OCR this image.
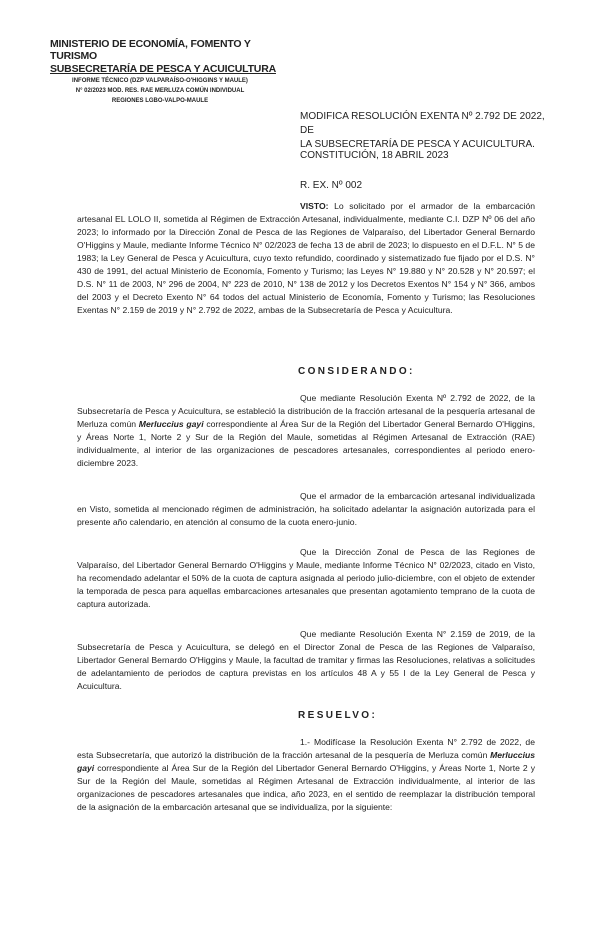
MINISTERIO DE ECONOMÍA, FOMENTO Y TURISMO
SUBSECRETARÍA DE PESCA Y ACUICULTURA
INFORME TÉCNICO (DZP VALPARAÍSO-O'HIGGINS Y MAULE)
N° 02/2023 MOD. RES. RAE MERLUZA COMÚN INDIVIDUAL
REGIONES LGBO-VALPO-MAULE
MODIFICA RESOLUCIÓN EXENTA Nº 2.792 DE 2022, DE
LA SUBSECRETARÍA DE PESCA Y ACUICULTURA.
CONSTITUCIÓN, 18 ABRIL 2023
R. EX. Nº 002
VISTO: Lo solicitado por el armador de la embarcación artesanal EL LOLO II, sometida al Régimen de Extracción Artesanal, individualmente, mediante C.I. DZP Nº 06 del año 2023; lo informado por la Dirección Zonal de Pesca de las Regiones de Valparaíso, del Libertador General Bernardo O'Higgins y Maule, mediante Informe Técnico N° 02/2023 de fecha 13 de abril de 2023; lo dispuesto en el D.F.L. N° 5 de 1983; la Ley General de Pesca y Acuicultura, cuyo texto refundido, coordinado y sistematizado fue fijado por el D.S. N° 430 de 1991, del actual Ministerio de Economía, Fomento y Turismo; las Leyes N° 19.880 y N° 20.528 y N° 20.597; el D.S. N° 11 de 2003, N° 296 de 2004, N° 223 de 2010, N° 138 de 2012 y los Decretos Exentos N° 154 y N° 366, ambos del 2003 y el Decreto Exento N° 64 todos del actual Ministerio de Economía, Fomento y Turismo; las Resoluciones Exentas N° 2.159 de 2019 y N° 2.792 de 2022, ambas de la Subsecretaría de Pesca y Acuicultura.
CONSIDERANDO:
Que mediante Resolución Exenta Nº 2.792 de 2022, de la Subsecretaría de Pesca y Acuicultura, se estableció la distribución de la fracción artesanal de la pesquería artesanal de Merluza común Merluccius gayi correspondiente al Área Sur de la Región del Libertador General Bernardo O'Higgins, y Áreas Norte 1, Norte 2 y Sur de la Región del Maule, sometidas al Régimen Artesanal de Extracción (RAE) individualmente, al interior de las organizaciones de pescadores artesanales, correspondientes al periodo enero-diciembre 2023.
Que el armador de la embarcación artesanal individualizada en Visto, sometida al mencionado régimen de administración, ha solicitado adelantar la asignación autorizada para el presente año calendario, en atención al consumo de la cuota enero-junio.
Que la Dirección Zonal de Pesca de las Regiones de Valparaíso, del Libertador General Bernardo O'Higgins y Maule, mediante Informe Técnico N° 02/2023, citado en Visto, ha recomendado adelantar el 50% de la cuota de captura asignada al periodo julio-diciembre, con el objeto de extender la temporada de pesca para aquellas embarcaciones artesanales que presentan agotamiento temprano de la cuota de captura autorizada.
Que mediante Resolución Exenta N° 2.159 de 2019, de la Subsecretaría de Pesca y Acuicultura, se delegó en el Director Zonal de Pesca de las Regiones de Valparaíso, Libertador General Bernardo O'Higgins y Maule, la facultad de tramitar y firmas las Resoluciones, relativas a solicitudes de adelantamiento de periodos de captura previstas en los artículos 48 A y 55 I de la Ley General de Pesca y Acuicultura.
RESUELVO:
1.- Modifícase la Resolución Exenta N° 2.792 de 2022, de esta Subsecretaría, que autorizó la distribución de la fracción artesanal de la pesquería de Merluza común Merluccius gayi correspondiente al Área Sur de la Región del Libertador General Bernardo O'Higgins, y Áreas Norte 1, Norte 2 y Sur de la Región del Maule, sometidas al Régimen Artesanal de Extracción individualmente, al interior de las organizaciones de pescadores artesanales que indica, año 2023, en el sentido de reemplazar la distribución temporal de la asignación de la embarcación artesanal que se individualiza, por la siguiente:
